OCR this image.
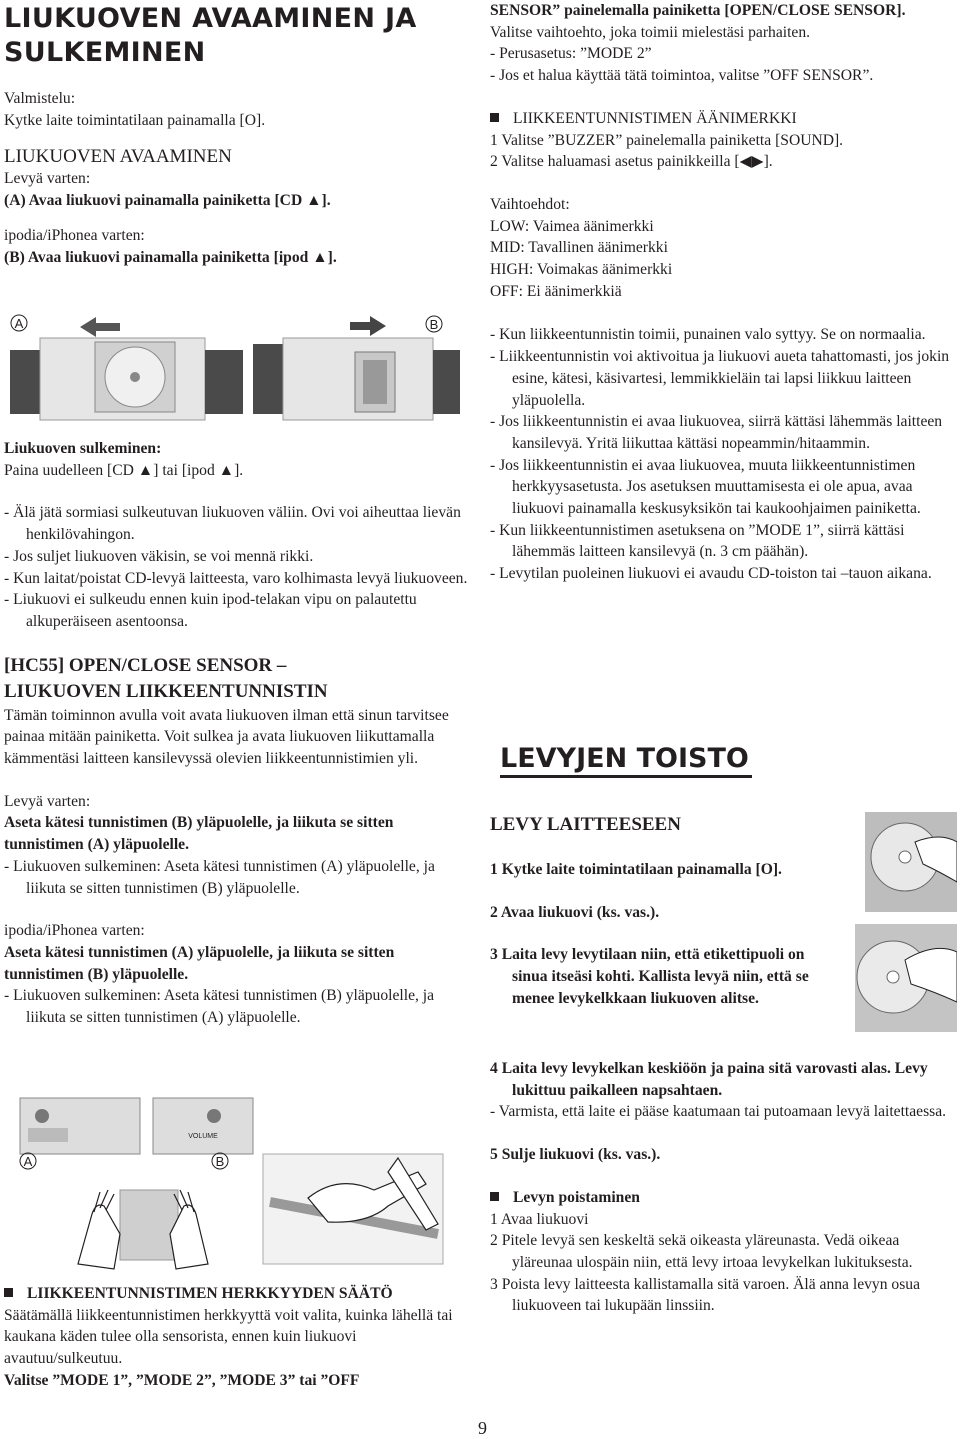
LIUKUOVEN AVAAMINEN JA

SULKEMINEN

Valmistelu:

Kytke laite toimintatilaan painamalla [O].

LIUKUOVEN AVAAMINEN

Levyä varten:

(A) Avaa liukuovi painamalla painiketta [CD ▲].

ipodia/iPhonea varten:

(B) Avaa liukuovi painamalla painiketta [ipod ▲].

A	B

Liukuoven sulkeminen:

Paina uudelleen [CD ▲] tai [ipod ▲].

- Älä jätä sormiasi sulkeutuvan liukuoven väliin. Ovi voi aiheuttaa lievän henkilövahingon.

- Jos suljet liukuoven väkisin, se voi mennä rikki.

- Kun laitat/poistat CD-levyä laitteesta, varo kolhimasta levyä liukuoveen.

- Liukuovi ei sulkeudu ennen kuin ipod-telakan vipu on palautettu alkuperäiseen asentoonsa.

[HC55] OPEN/CLOSE SENSOR –

LIUKUOVEN LIIKKEENTUNNISTIN

Tämän toiminnon avulla voit avata liukuoven ilman että sinun tarvitsee painaa mitään painiketta. Voit sulkea ja avata liukuoven liikuttamalla kämmentäsi laitteen kansilevyssä olevien liikkeentunnistimien yli.

Levyä varten:

Aseta kätesi tunnistimen (B) yläpuolelle, ja liikuta se sitten tunnistimen (A) yläpuolelle.

- Liukuoven sulkeminen: Aseta kätesi tunnistimen (A) yläpuolelle, ja liikuta se sitten tunnistimen (B) yläpuolelle.

ipodia/iPhonea varten:

Aseta kätesi tunnistimen (A) yläpuolelle, ja liikuta se sitten tunnistimen (B) yläpuolelle.

- Liukuoven sulkeminen: Aseta kätesi tunnistimen (B) yläpuolelle, ja liikuta se sitten tunnistimen (A) yläpuolelle.

VOLUME
A	B

LIIKKEENTUNNISTIMEN HERKKYYDEN SÄÄTÖ

Säätämällä liikkeentunnistimen herkkyyttä voit valita, kuinka lähellä tai kaukana käden tulee olla sensorista, ennen kuin liukuovi avautuu/sulkeutuu.

Valitse ”MODE 1”, ”MODE 2”, ”MODE 3” tai ”OFF

SENSOR” painelemalla painiketta [OPEN/CLOSE SENSOR].

Valitse vaihtoehto, joka toimii mielestäsi parhaiten.

- Perusasetus: ”MODE 2”

- Jos et halua käyttää tätä toimintoa, valitse ”OFF SENSOR”.

LIIKKEENTUNNISTIMEN ÄÄNIMERKKI

1 Valitse ”BUZZER” painelemalla painiketta [SOUND].

2 Valitse haluamasi asetus painikkeilla [◀▶].

Vaihtoehdot:

LOW: Vaimea äänimerkki

MID: Tavallinen äänimerkki

HIGH: Voimakas äänimerkki

OFF: Ei äänimerkkiä

- Kun liikkeentunnistin toimii, punainen valo syttyy. Se on normaalia.

- Liikkeentunnistin voi aktivoitua ja liukuovi aueta tahattomasti, jos jokin esine, kätesi, käsivartesi, lemmikkieläin tai lapsi liikkuu laitteen yläpuolella.

- Jos liikkeentunnistin ei avaa liukuovea, siirrä kättäsi lähemmäs laitteen kansilevyä. Yritä liikuttaa kättäsi nopeammin/hitaammin.

- Jos liikkeentunnistin ei avaa liukuovea, muuta liikkeentunnistimen herkkyysasetusta. Jos asetuksen muuttamisesta ei ole apua, avaa liukuovi painamalla keskusyksikön tai kaukoohjaimen painiketta.

- Kun liikkeentunnistimen asetuksena on ”MODE 1”, siirrä kättäsi lähemmäs laitteen kansilevyä (n. 3 cm päähän).

- Levytilan puoleinen liukuovi ei avaudu CD-toiston tai –tauon aikana.

LEVYJEN TOISTO

LEVY LAITTEESEEN

1 Kytke laite toimintatilaan painamalla [O].

2 Avaa liukuovi (ks. vas.).

3 Laita levy levytilaan niin, että etikettipuoli on sinua itseäsi kohti. Kallista levyä niin, että se menee levykelkkaan liukuoven alitse.

4 Laita levy levykelkan keskiöön ja paina sitä varovasti alas. Levy lukittuu paikalleen napsahtaen.

- Varmista, että laite ei pääse kaatumaan tai putoamaan levyä laitettaessa.

5 Sulje liukuovi (ks. vas.).

Levyn poistaminen

1 Avaa liukuovi

2 Pitele levyä sen keskeltä sekä oikeasta yläreunasta. Vedä oikeaa yläreunaa ulospäin niin, että levy irtoaa levykelkan lukituksesta.

3 Poista levy laitteesta kallistamalla sitä varoen. Älä anna levyn osua liukuoveen tai lukupään linssiin.

9
